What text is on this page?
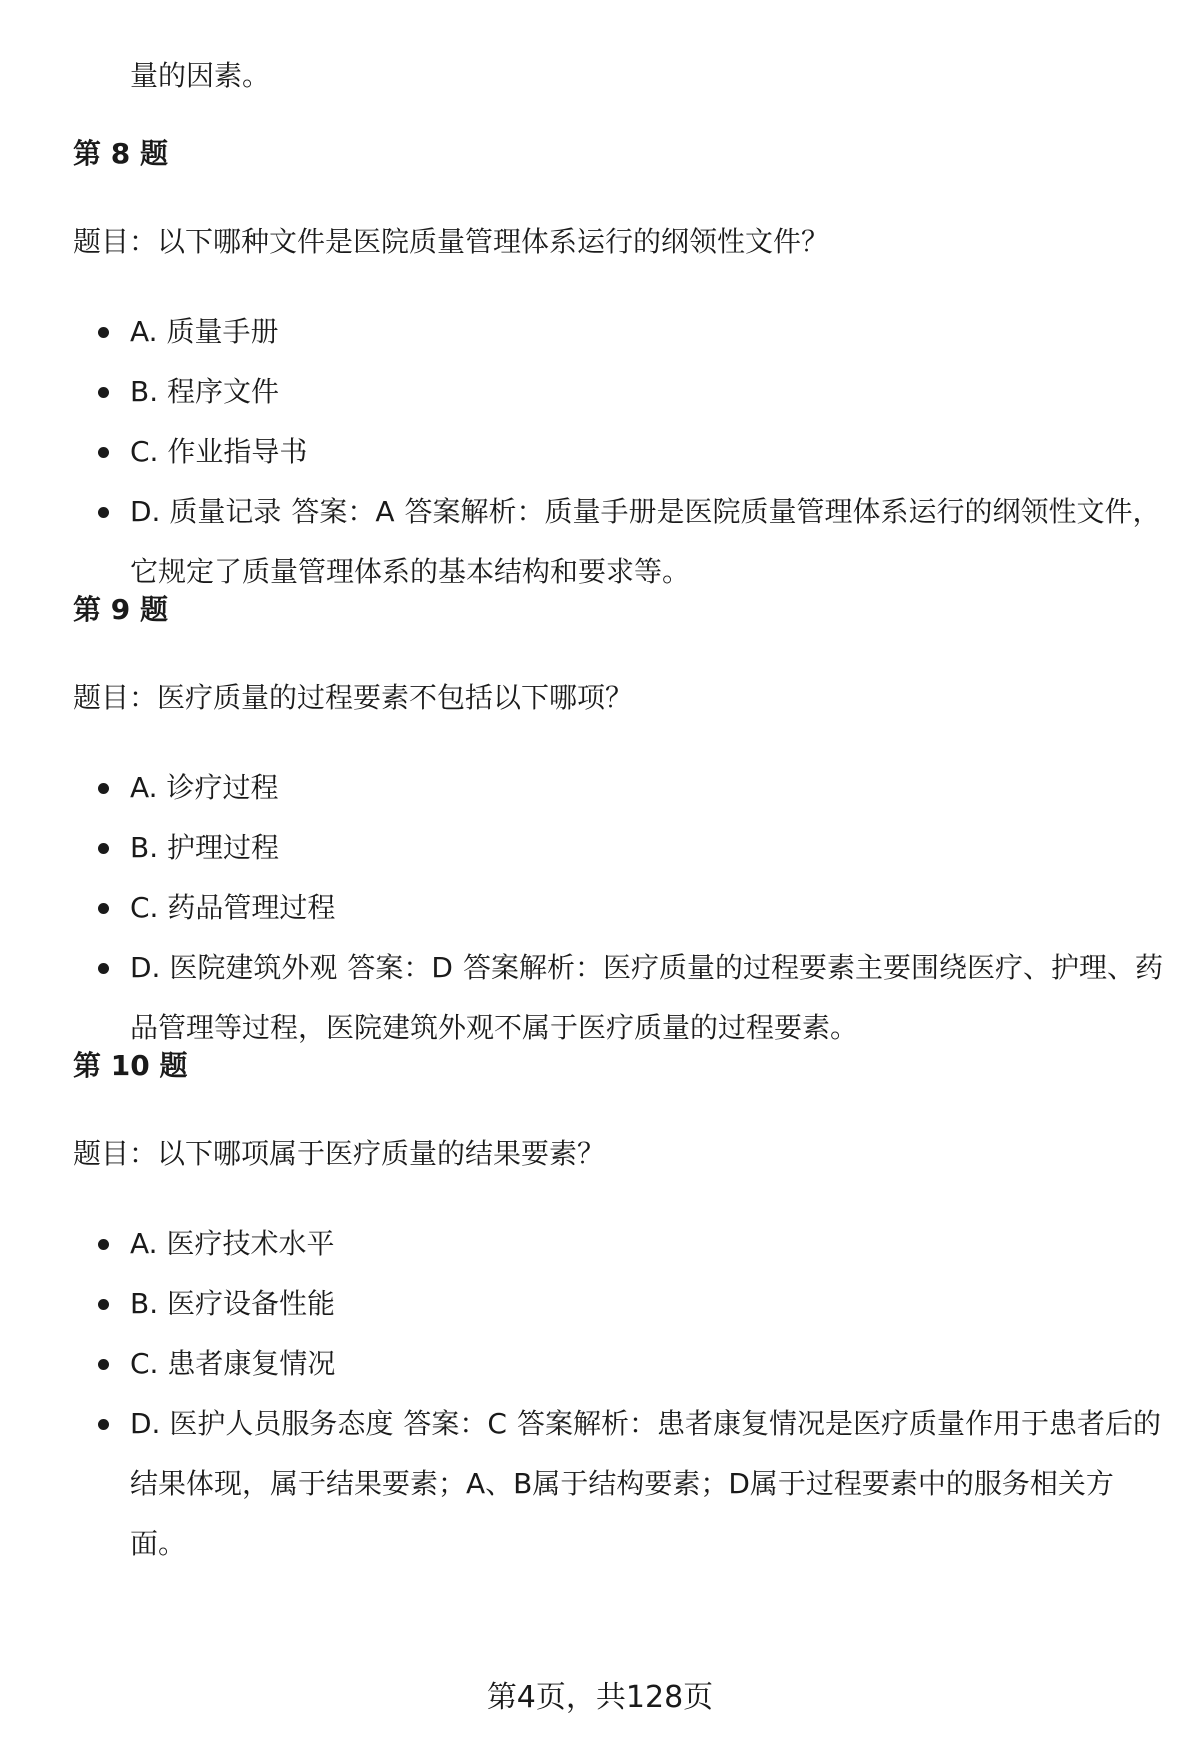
量的因素。

第 8 题

题目：以下哪种文件是医院质量管理体系运行的纲领性文件？

A. 质量手册
B. 程序文件
C. 作业指导书
D. 质量记录 答案：A 答案解析：质量手册是医院质量管理体系运行的纲领性文件，它规定了质量管理体系的基本结构和要求等。
第 9 题

题目：医疗质量的过程要素不包括以下哪项？

A. 诊疗过程
B. 护理过程
C. 药品管理过程
D. 医院建筑外观 答案：D 答案解析：医疗质量的过程要素主要围绕医疗、护理、药品管理等过程，医院建筑外观不属于医疗质量的过程要素。
第 10 题

题目：以下哪项属于医疗质量的结果要素？

A. 医疗技术水平
B. 医疗设备性能
C. 患者康复情况
D. 医护人员服务态度 答案：C 答案解析：患者康复情况是医疗质量作用于患者后的结果体现，属于结果要素；A、B属于结构要素；D属于过程要素中的服务相关方面。

第4页，共128页
